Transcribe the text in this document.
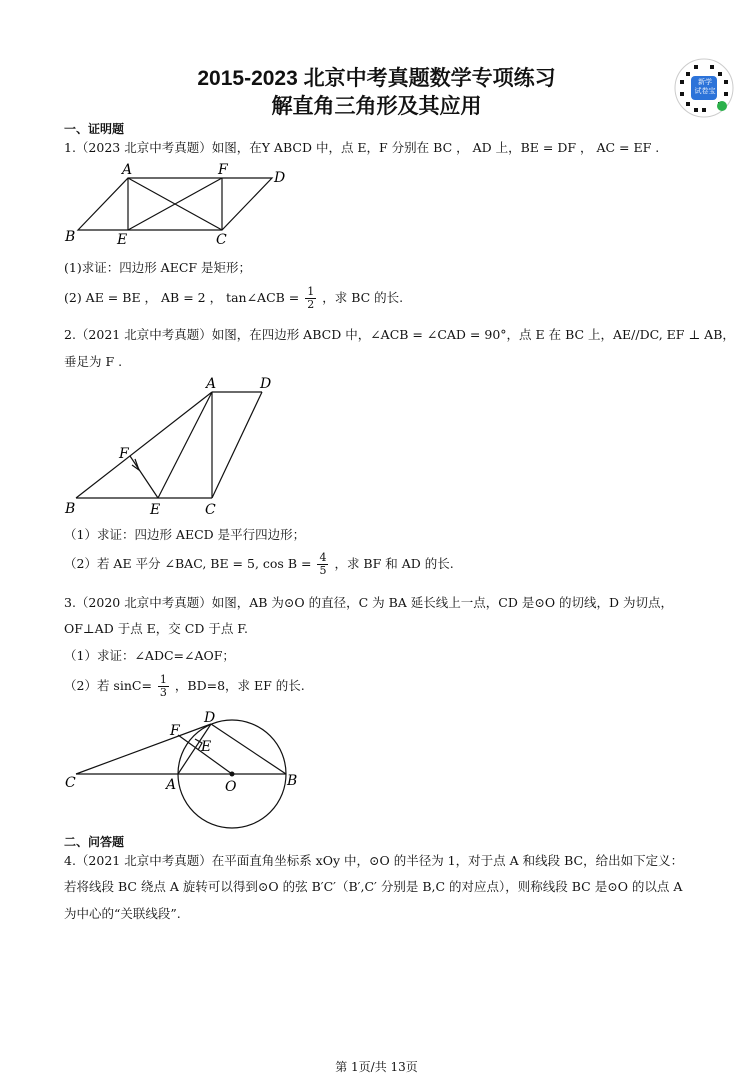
2015-2023 北京中考真题数学专项练习
解直角三角形及其应用
新学
试卷宝
一、证明题
1.（2023 北京中考真题）如图，在Y ABCD 中，点 E，F 分别在 BC ， AD 上，BE = DF ， AC = EF .
A	F	D
B	E	C
(1)求证：四边形 AECF 是矩形；
(2) AE = BE ， AB = 2 ， tan∠ACB = $\frac{1}{2}$ ，求 BC 的长.
2.（2021 北京中考真题）如图，在四边形 ABCD 中，∠ACB = ∠CAD = 90°，点 E 在 BC 上，AE//DC, EF ⊥ AB，
垂足为 F .
A	D
F
B	E	C
（1）求证：四边形 AECD 是平行四边形；
（2）若 AE 平分 ∠BAC, BE = 5, $\cos B = \frac{4}{5}$ ，求 BF 和 AD 的长.
3.（2020 北京中考真题）如图，AB 为⊙O 的直径，C 为 BA 延长线上一点，CD 是⊙O 的切线，D 为切点，
OF⊥AD 于点 E，交 CD 于点 F.
（1）求证：∠ADC=∠AOF；
（2）若 $\sin C= \frac{1}{3}$ ，BD=8，求 EF 的长.
D
F
E
C	A	O	B
二、问答题
4.（2021 北京中考真题）在平面直角坐标系 xOy 中，⊙O 的半径为 1，对于点 A 和线段 BC，给出如下定义：
若将线段 BC 绕点 A 旋转可以得到⊙O 的弦 B′C′（B′,C′ 分别是 B,C 的对应点），则称线段 BC 是⊙O 的以点 A
为中心的“关联线段”.
第 1页/共 13页
